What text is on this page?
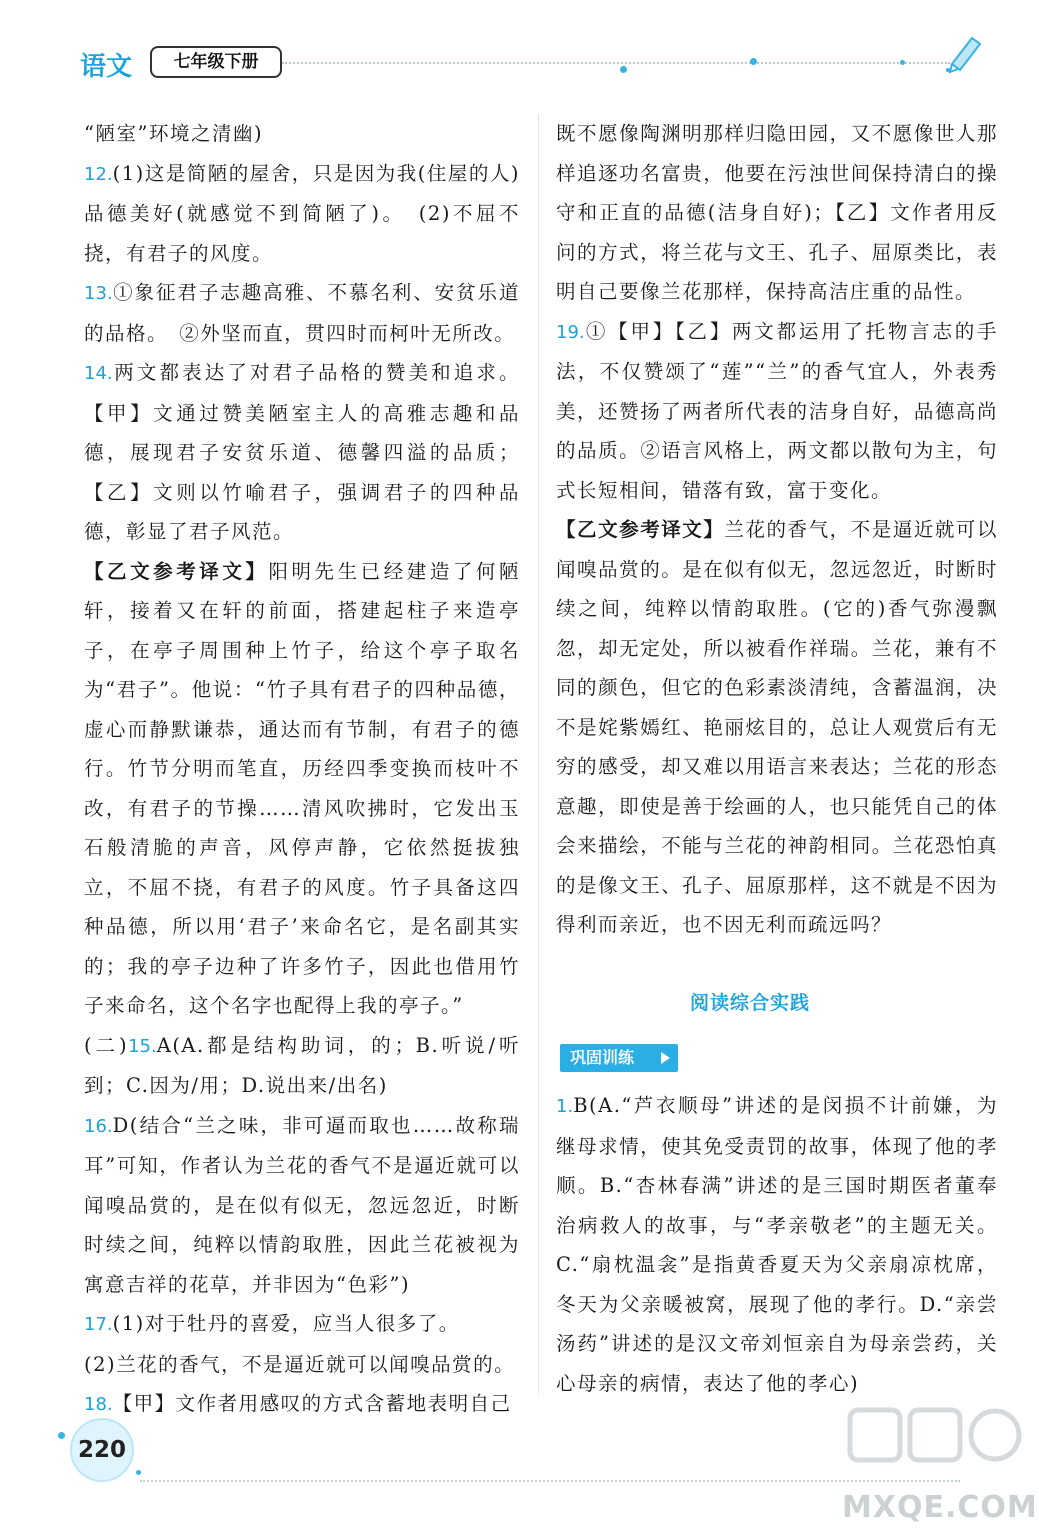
语文	七年级下册
“陋室”环境之清幽)
12.(1)这是简陋的屋舍，只是因为我(住屋的人)品德美好(就感觉不到简陋了)。　(2)不屈不挠，有君子的风度。
13.①象征君子志趣高雅、不慕名利、安贫乐道的品格。　②外坚而直，贯四时而柯叶无所改。
14.两文都表达了对君子品格的赞美和追求。【甲】文通过赞美陋室主人的高雅志趣和品德，展现君子安贫乐道、德馨四溢的品质；【乙】文则以竹喻君子，强调君子的四种品德，彰显了君子风范。
【乙文参考译文】阳明先生已经建造了何陋轩，接着又在轩的前面，搭建起柱子来造亭子，在亭子周围种上竹子，给这个亭子取名为“君子”。他说：“竹子具有君子的四种品德，虚心而静默谦恭，通达而有节制，有君子的德行。竹节分明而笔直，历经四季变换而枝叶不改，有君子的节操……清风吹拂时，它发出玉石般清脆的声音，风停声静，它依然挺拔独立，不屈不挠，有君子的风度。竹子具备这四种品德，所以用‘君子’来命名它，是名副其实的；我的亭子边种了许多竹子，因此也借用竹子来命名，这个名字也配得上我的亭子。”
(二)15.A(A.都是结构助词，的；B.听说/听到；C.因为/用；D.说出来/出名)
16.D(结合“兰之味，非可逼而取也……故称瑞耳”可知，作者认为兰花的香气不是逼近就可以闻嗅品赏的，是在似有似无，忽远忽近，时断时续之间，纯粹以情韵取胜，因此兰花被视为寓意吉祥的花草，并非因为“色彩”)
17.(1)对于牡丹的喜爱，应当人很多了。
(2)兰花的香气，不是逼近就可以闻嗅品赏的。
18.【甲】文作者用感叹的方式含蓄地表明自己
既不愿像陶渊明那样归隐田园，又不愿像世人那样追逐功名富贵，他要在污浊世间保持清白的操守和正直的品德(洁身自好)；【乙】文作者用反问的方式，将兰花与文王、孔子、屈原类比，表明自己要像兰花那样，保持高洁庄重的品性。
19.①【甲】【乙】两文都运用了托物言志的手法，不仅赞颂了“莲”“兰”的香气宜人，外表秀美，还赞扬了两者所代表的洁身自好，品德高尚的品质。②语言风格上，两文都以散句为主，句式长短相间，错落有致，富于变化。
【乙文参考译文】兰花的香气，不是逼近就可以闻嗅品赏的。是在似有似无，忽远忽近，时断时续之间，纯粹以情韵取胜。(它的)香气弥漫飘忽，却无定处，所以被看作祥瑞。兰花，兼有不同的颜色，但它的色彩素淡清纯，含蓄温润，决不是姹紫嫣红、艳丽炫目的，总让人观赏后有无穷的感受，却又难以用语言来表达；兰花的形态意趣，即使是善于绘画的人，也只能凭自己的体会来描绘，不能与兰花的神韵相同。兰花恐怕真的是像文王、孔子、屈原那样，这不就是不因为得利而亲近，也不因无利而疏远吗？
阅读综合实践
巩固训练
1.B(A.“芦衣顺母”讲述的是闵损不计前嫌，为继母求情，使其免受责罚的故事，体现了他的孝顺。B.“杏林春满”讲述的是三国时期医者董奉治病救人的故事，与“孝亲敬老”的主题无关。C.“扇枕温衾”是指黄香夏天为父亲扇凉枕席，冬天为父亲暖被窝，展现了他的孝行。D.“亲尝汤药”讲述的是汉文帝刘恒亲自为母亲尝药，关心母亲的病情，表达了他的孝心)
220
MXQE.COM
